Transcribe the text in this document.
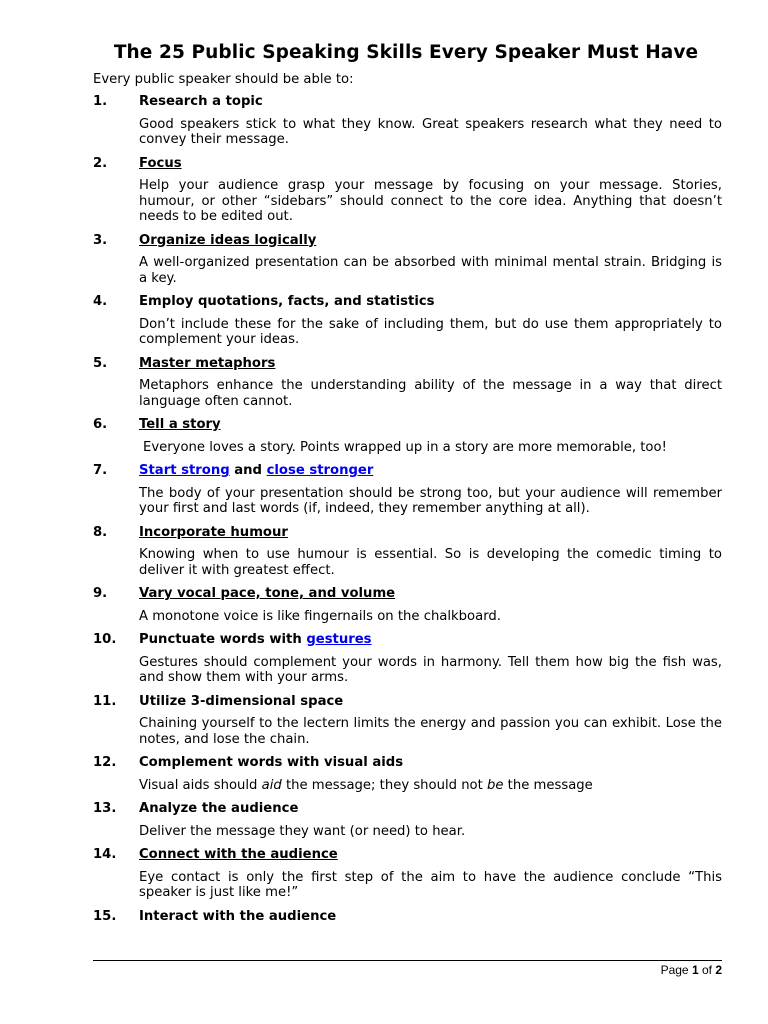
The 25 Public Speaking Skills Every Speaker Must Have
Every public speaker should be able to:
1.	Research a topic
Good speakers stick to what they know. Great speakers research what they need to convey their message.
2.	Focus
Help your audience grasp your message by focusing on your message. Stories, humour, or other “sidebars” should connect to the core idea. Anything that doesn’t needs to be edited out.
3.	Organize ideas logically
A well-organized presentation can be absorbed with minimal mental strain. Bridging is a key.
4.	Employ quotations, facts, and statistics
Don’t include these for the sake of including them, but do use them appropriately to complement your ideas.
5.	Master metaphors
Metaphors enhance the understanding ability of the message in a way that direct language often cannot.
6.	Tell a story
Everyone loves a story. Points wrapped up in a story are more memorable, too!
7.	Start strong and close stronger
The body of your presentation should be strong too, but your audience will remember your first and last words (if, indeed, they remember anything at all).
8.	Incorporate humour
Knowing when to use humour is essential. So is developing the comedic timing to deliver it with greatest effect.
9.	Vary vocal pace, tone, and volume
A monotone voice is like fingernails on the chalkboard.
10.	Punctuate words with gestures
Gestures should complement your words in harmony. Tell them how big the fish was, and show them with your arms.
11.	Utilize 3-dimensional space
Chaining yourself to the lectern limits the energy and passion you can exhibit. Lose the notes, and lose the chain.
12.	Complement words with visual aids
Visual aids should aid the message; they should not be the message
13.	Analyze the audience
Deliver the message they want (or need) to hear.
14.	Connect with the audience
Eye contact is only the first step of the aim to have the audience conclude “This speaker is just like me!”
15.	Interact with the audience
Page 1 of 2
